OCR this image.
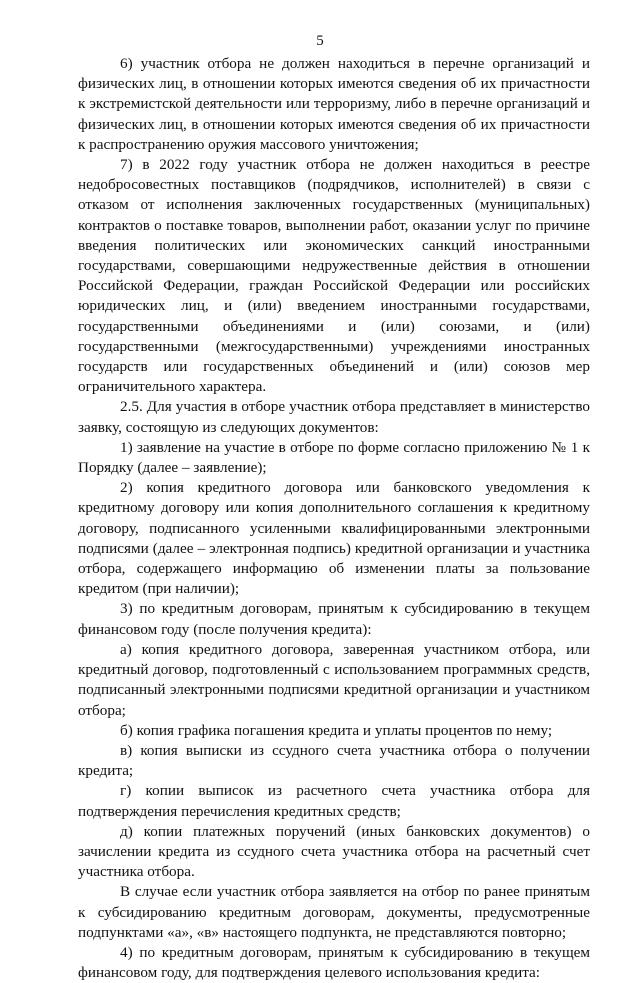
5

6) участник отбора не должен находиться в перечне организаций и физических лиц, в отношении которых имеются сведения об их причастности к экстремистской деятельности или терроризму, либо в перечне организаций и физических лиц, в отношении которых имеются сведения об их причастности к распространению оружия массового уничтожения;

7) в 2022 году участник отбора не должен находиться в реестре недобросовестных поставщиков (подрядчиков, исполнителей) в связи с отказом от исполнения заключенных государственных (муниципальных) контрактов о поставке товаров, выполнении работ, оказании услуг по причине введения политических или экономических санкций иностранными государствами, совершающими недружественные действия в отношении Российской Федерации, граждан Российской Федерации или российских юридических лиц, и (или) введением иностранными государствами, государственными объединениями и (или) союзами, и (или) государственными (межгосударственными) учреждениями иностранных государств или государственных объединений и (или) союзов мер ограничительного характера.

2.5. Для участия в отборе участник отбора представляет в министерство заявку, состоящую из следующих документов:

1) заявление на участие в отборе по форме согласно приложению № 1 к Порядку (далее – заявление);

2) копия кредитного договора или банковского уведомления к кредитному договору или копия дополнительного соглашения к кредитному договору, подписанного усиленными квалифицированными электронными подписями (далее – электронная подпись) кредитной организации и участника отбора, содержащего информацию об изменении платы за пользование кредитом (при наличии);

3) по кредитным договорам, принятым к субсидированию в текущем финансовом году (после получения кредита):

а) копия кредитного договора, заверенная участником отбора, или кредитный договор, подготовленный с использованием программных средств, подписанный электронными подписями кредитной организации и участником отбора;

б) копия графика погашения кредита и уплаты процентов по нему;

в) копия выписки из ссудного счета участника отбора о получении кредита;

г) копии выписок из расчетного счета участника отбора для подтверждения перечисления кредитных средств;

д) копии платежных поручений (иных банковских документов) о зачислении кредита из ссудного счета участника отбора на расчетный счет участника отбора.

В случае если участник отбора заявляется на отбор по ранее принятым к субсидированию кредитным договорам, документы, предусмотренные подпунктами «а», «в» настоящего подпункта, не представляются повторно;

4) по кредитным договорам, принятым к субсидированию в текущем финансовом году, для подтверждения целевого использования кредита:
